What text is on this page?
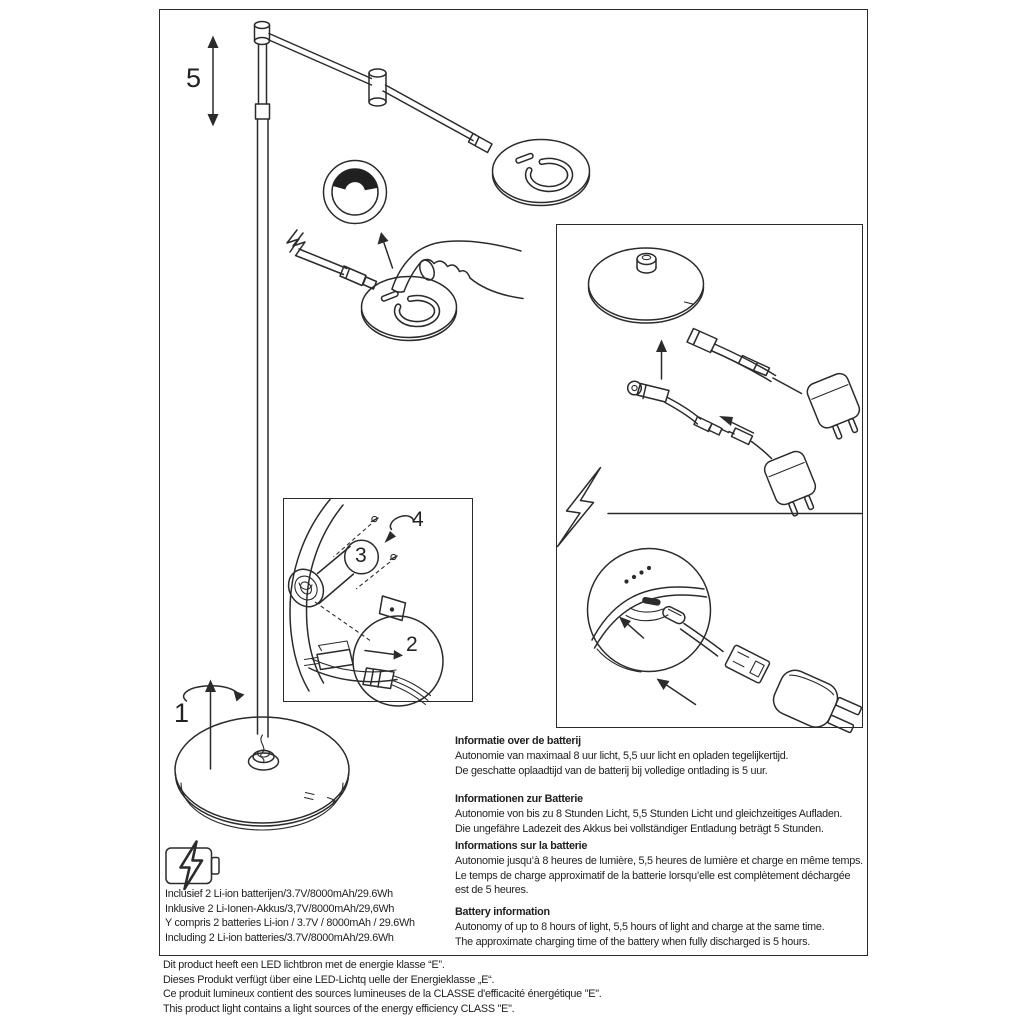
5
1
3
4
2
Inclusief 2 Li-ion batterijen/3.7V/8000mAh/29.6Wh
Inklusive 2 Li-Ionen-Akkus/3,7V/8000mAh/29,6Wh
Y compris 2 batteries Li-ion / 3.7V / 8000mAh / 29.6Wh
Including 2 Li-ion batteries/3.7V/8000mAh/29.6Wh
Informatie over de batterij
Autonomie van maximaal 8 uur licht, 5,5 uur licht en opladen tegelijkertijd.
De geschatte oplaadtijd van de batterij bij volledige ontlading is 5 uur.
Informationen zur Batterie
Autonomie von bis zu 8 Stunden Licht, 5,5 Stunden Licht und gleichzeitiges Aufladen.
Die ungefähre Ladezeit des Akkus bei vollständiger Entladung beträgt 5 Stunden.
Informations sur la batterie
Autonomie jusqu’à 8 heures de lumière, 5,5 heures de lumière et charge en même temps.
Le temps de charge approximatif de la batterie lorsqu’elle est complètement déchargée
est de 5 heures.
Battery information
Autonomy of up to 8 hours of light, 5,5 hours of light and charge at the same time.
The approximate charging time of the battery when fully discharged is 5 hours.
Dit product heeft een LED lichtbron met de energie klasse “E”.
Dieses Produkt verfügt über eine LED-Lichtq uelle der Energieklasse „E“.
Ce produit lumineux contient des sources lumineuses de la CLASSE d'efficacité énergétique "E".
This product light contains a light sources of the energy efficiency CLASS "E".
